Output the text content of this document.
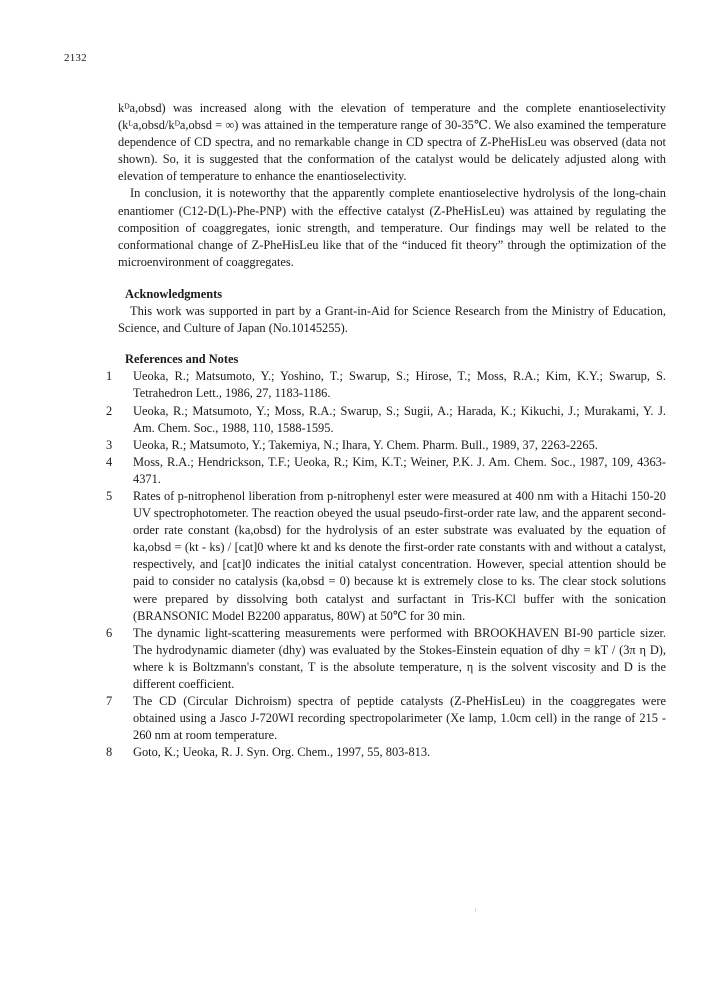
2132

kᴰa,obsd) was increased along with the elevation of temperature and the complete enantioselectivity (kᴸa,obsd/kᴰa,obsd = ∞) was attained in the temperature range of 30-35℃. We also examined the temperature dependence of CD spectra, and no remarkable change in CD spectra of Z-PheHisLeu was observed (data not shown). So, it is suggested that the conformation of the catalyst would be delicately adjusted along with elevation of temperature to enhance the enantioselectivity.

In conclusion, it is noteworthy that the apparently complete enantioselective hydrolysis of the long-chain enantiomer (C12-D(L)-Phe-PNP) with the effective catalyst (Z-PheHisLeu) was attained by regulating the composition of coaggregates, ionic strength, and temperature. Our findings may well be related to the conformational change of Z-PheHisLeu like that of the “induced fit theory” through the optimization of the microenvironment of coaggregates.

Acknowledgments

This work was supported in part by a Grant-in-Aid for Science Research from the Ministry of Education, Science, and Culture of Japan (No.10145255).

References and Notes
1	Ueoka, R.; Matsumoto, Y.; Yoshino, T.; Swarup, S.; Hirose, T.; Moss, R.A.; Kim, K.Y.; Swarup, S. Tetrahedron Lett., 1986, 27, 1183-1186.
2	Ueoka, R.; Matsumoto, Y.; Moss, R.A.; Swarup, S.; Sugii, A.; Harada, K.; Kikuchi, J.; Murakami, Y. J. Am. Chem. Soc., 1988, 110, 1588-1595.
3	Ueoka, R.; Matsumoto, Y.; Takemiya, N.; Ihara, Y. Chem. Pharm. Bull., 1989, 37, 2263-2265.
4	Moss, R.A.; Hendrickson, T.F.; Ueoka, R.; Kim, K.T.; Weiner, P.K. J. Am. Chem. Soc., 1987, 109, 4363-4371.
5	Rates of p-nitrophenol liberation from p-nitrophenyl ester were measured at 400 nm with a Hitachi 150-20 UV spectrophotometer. The reaction obeyed the usual pseudo-first-order rate law, and the apparent second-order rate constant (ka,obsd) for the hydrolysis of an ester substrate was evaluated by the equation of ka,obsd = (kt - ks) / [cat]0 where kt and ks denote the first-order rate constants with and without a catalyst, respectively, and [cat]0 indicates the initial catalyst concentration. However, special attention should be paid to consider no catalysis (ka,obsd = 0) because kt is extremely close to ks. The clear stock solutions were prepared by dissolving both catalyst and surfactant in Tris-KCl buffer with the sonication (BRANSONIC Model B2200 apparatus, 80W) at 50℃ for 30 min.
6	The dynamic light-scattering measurements were performed with BROOKHAVEN BI-90 particle sizer. The hydrodynamic diameter (dhy) was evaluated by the Stokes-Einstein equation of dhy = kT / (3π η D), where k is Boltzmann's constant, T is the absolute temperature, η is the solvent viscosity and D is the different coefficient.
7	The CD (Circular Dichroism) spectra of peptide catalysts (Z-PheHisLeu) in the coaggregates were obtained using a Jasco J-720WI recording spectropolarimeter (Xe lamp, 1.0cm cell) in the range of 215 - 260 nm at room temperature.
8	Goto, K.; Ueoka, R. J. Syn. Org. Chem., 1997, 55, 803-813.
